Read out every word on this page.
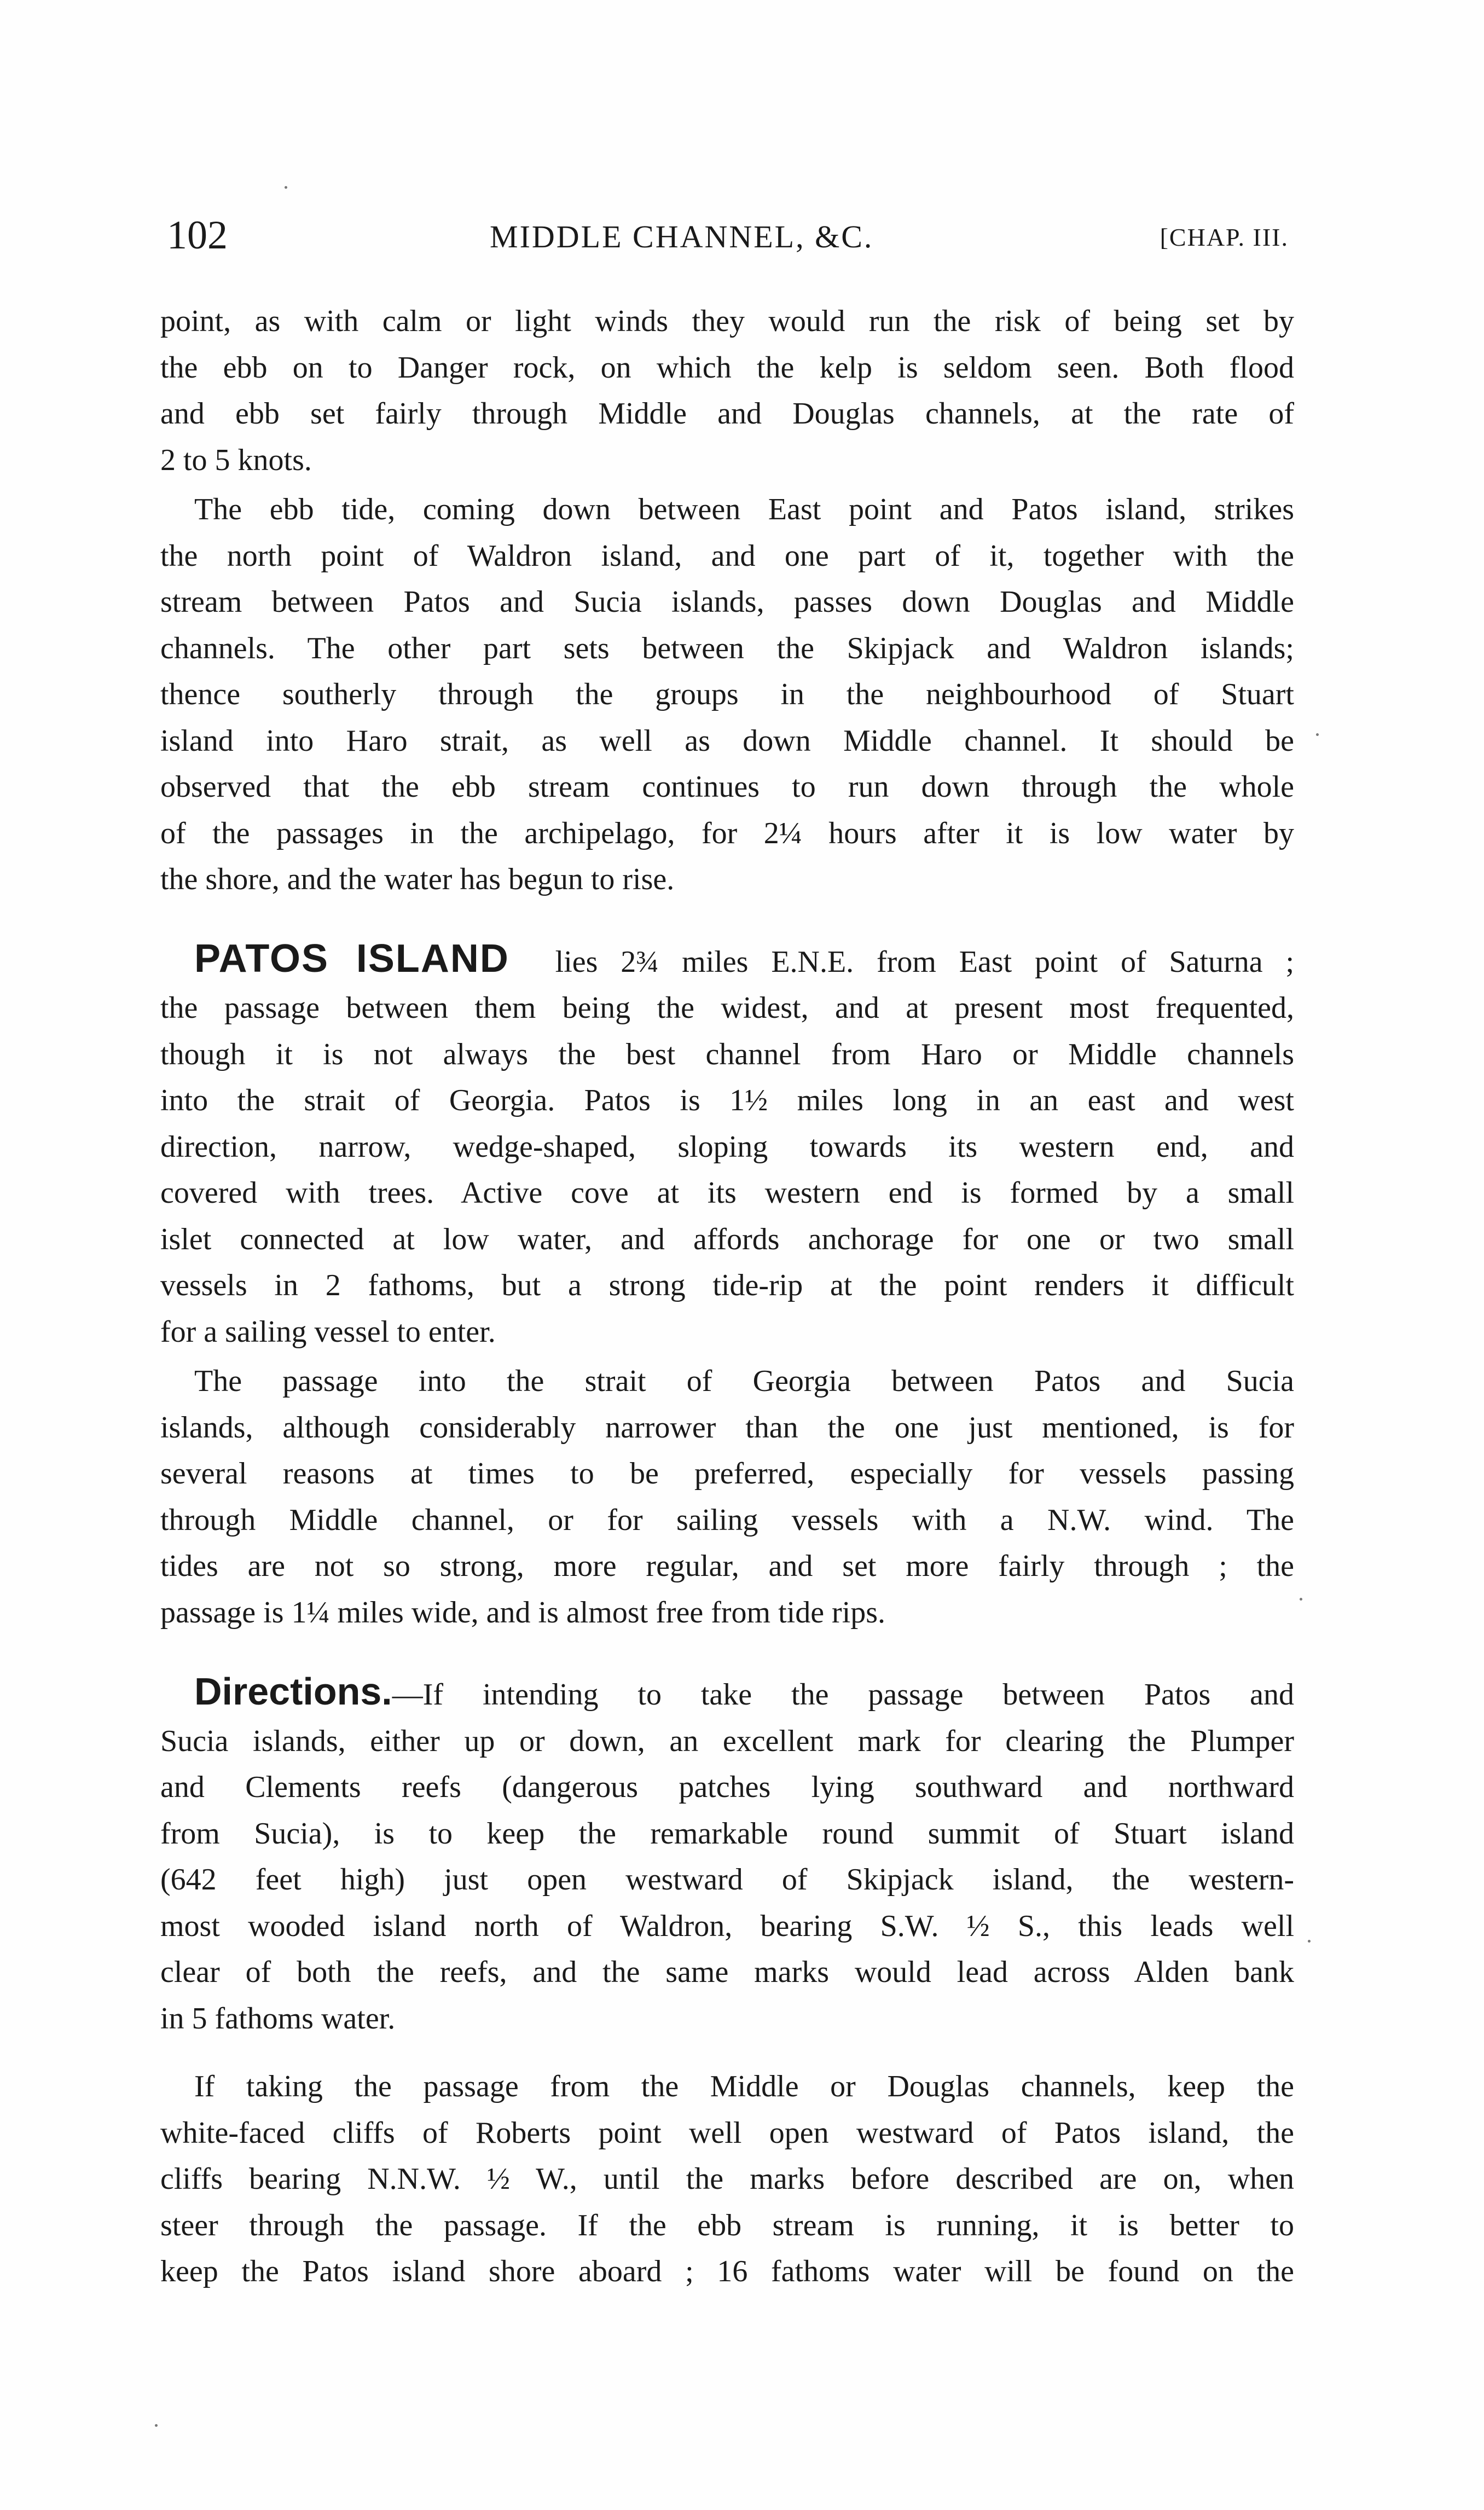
102	MIDDLE CHANNEL, &C.	[CHAP. III.

point, as with calm or light winds they would run the risk of being set by
the ebb on to Danger rock, on which the kelp is seldom seen. Both flood
and ebb set fairly through Middle and Douglas channels, at the rate of
2 to 5 knots.

The ebb tide, coming down between East point and Patos island, strikes
the north point of Waldron island, and one part of it, together with the
stream between Patos and Sucia islands, passes down Douglas and Middle
channels. The other part sets between the Skipjack and Waldron islands;
thence southerly through the groups in the neighbourhood of Stuart
island into Haro strait, as well as down Middle channel. It should be
observed that the ebb stream continues to run down through the whole
of the passages in the archipelago, for 2¼ hours after it is low water by
the shore, and the water has begun to rise.

PATOS ISLAND lies 2¾ miles E.N.E. from East point of Saturna ;
the passage between them being the widest, and at present most frequented,
though it is not always the best channel from Haro or Middle channels
into the strait of Georgia. Patos is 1½ miles long in an east and west
direction, narrow, wedge-shaped, sloping towards its western end, and
covered with trees. Active cove at its western end is formed by a small
islet connected at low water, and affords anchorage for one or two small
vessels in 2 fathoms, but a strong tide-rip at the point renders it difficult
for a sailing vessel to enter.

The passage into the strait of Georgia between Patos and Sucia
islands, although considerably narrower than the one just mentioned, is for
several reasons at times to be preferred, especially for vessels passing
through Middle channel, or for sailing vessels with a N.W. wind. The
tides are not so strong, more regular, and set more fairly through ; the
passage is 1¼ miles wide, and is almost free from tide rips.

Directions.—If intending to take the passage between Patos and
Sucia islands, either up or down, an excellent mark for clearing the Plumper
and Clements reefs (dangerous patches lying southward and northward
from Sucia), is to keep the remarkable round summit of Stuart island
(642 feet high) just open westward of Skipjack island, the western-
most wooded island north of Waldron, bearing S.W. ½ S., this leads well
clear of both the reefs, and the same marks would lead across Alden bank
in 5 fathoms water.

If taking the passage from the Middle or Douglas channels, keep the
white-faced cliffs of Roberts point well open westward of Patos island, the
cliffs bearing N.N.W. ½ W., until the marks before described are on, when
steer through the passage. If the ebb stream is running, it is better to
keep the Patos island shore aboard ; 16 fathoms water will be found on the
